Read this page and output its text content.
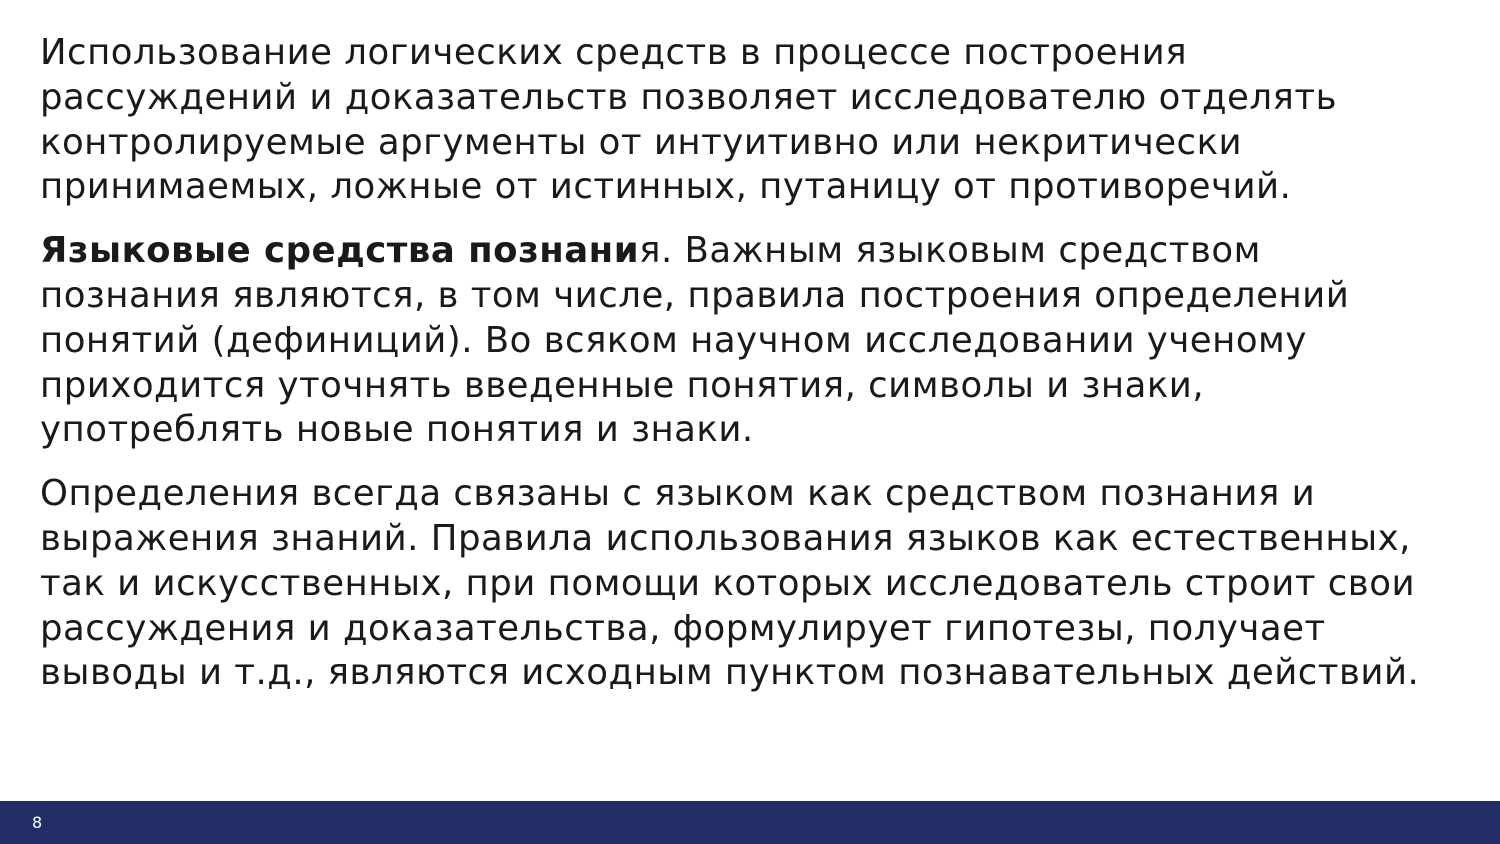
Использование логических средств в процессе построения
рассуждений и доказательств позволяет исследователю отделять
контролируемые аргументы от интуитивно или некритически
принимаемых, ложные от истинных, путаницу от противоречий.

Языковые средства познания. Важным языковым средством
познания являются, в том числе, правила построения определений
понятий (дефиниций). Во всяком научном исследовании ученому
приходится уточнять введенные понятия, символы и знаки,
употреблять новые понятия и знаки.

Определения всегда связаны с языком как средством познания и
выражения знаний. Правила использования языков как естественных,
так и искусственных, при помощи которых исследователь строит свои
рассуждения и доказательства, формулирует гипотезы, получает
выводы и т.д., являются исходным пунктом познавательных действий.

8
